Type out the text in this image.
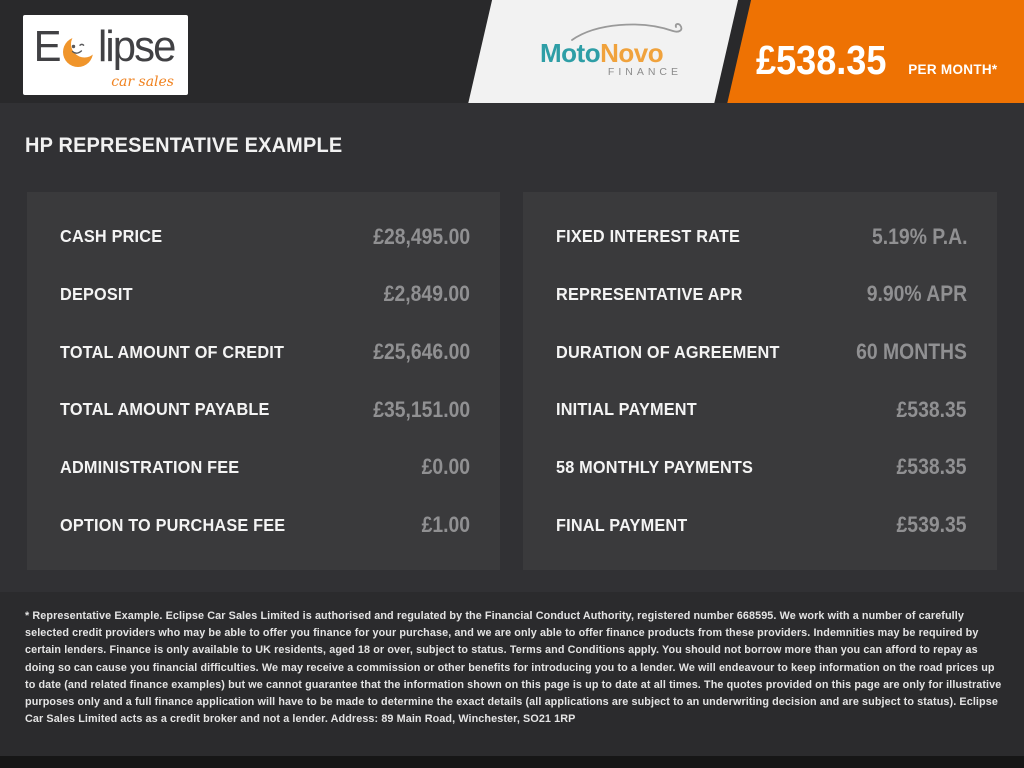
E lipse
car sales
MotoNovo
FINANCE £538.35 PER MONTH*
HP REPRESENTATIVE EXAMPLE
CASH PRICE	£28,495.00
DEPOSIT	£2,849.00
TOTAL AMOUNT OF CREDIT	£25,646.00
TOTAL AMOUNT PAYABLE	£35,151.00
ADMINISTRATION FEE	£0.00
OPTION TO PURCHASE FEE	£1.00
FIXED INTEREST RATE	5.19% P.A.
REPRESENTATIVE APR	9.90% APR
DURATION OF AGREEMENT	60 MONTHS
INITIAL PAYMENT	£538.35
58 MONTHLY PAYMENTS	£538.35
FINAL PAYMENT	£539.35
* Representative Example. Eclipse Car Sales Limited is authorised and regulated by the Financial Conduct Authority, registered number 668595. We work with a number of carefully selected credit providers who may be able to offer you finance for your purchase, and we are only able to offer finance products from these providers. Indemnities may be required by certain lenders. Finance is only available to UK residents, aged 18 or over, subject to status. Terms and Conditions apply. You should not borrow more than you can afford to repay as doing so can cause you financial difficulties. We may receive a commission or other benefits for introducing you to a lender. We will endeavour to keep information on the road prices up to date (and related finance examples) but we cannot guarantee that the information shown on this page is up to date at all times. The quotes provided on this page are only for illustrative purposes only and a full finance application will have to be made to determine the exact details (all applications are subject to an underwriting decision and are subject to status). Eclipse Car Sales Limited acts as a credit broker and not a lender. Address: 89 Main Road, Winchester, SO21 1RP
